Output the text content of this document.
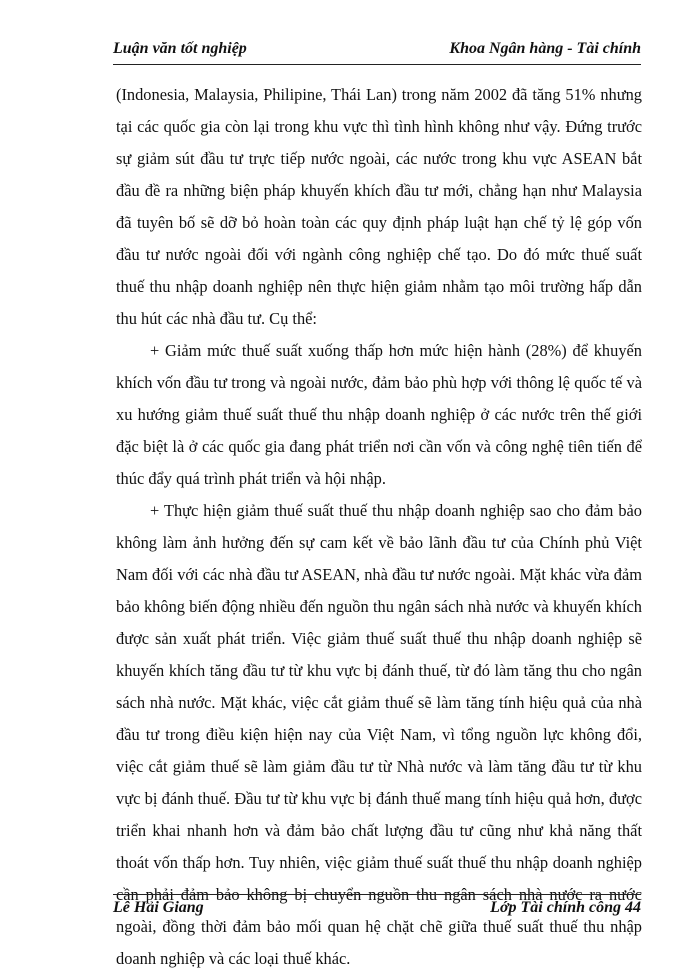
Luận văn tốt nghiệp	Khoa Ngân hàng - Tài chính

(Indonesia, Malaysia, Philipine, Thái Lan) trong năm 2002 đã tăng 51% nhưng tại các quốc gia còn lại trong khu vực thì tình hình không như vậy. Đứng trước sự giảm sút đầu tư trực tiếp nước ngoài, các nước trong khu vực ASEAN bắt đầu đề ra những biện pháp khuyến khích đầu tư mới, chẳng hạn như Malaysia đã tuyên bố sẽ dỡ bỏ hoàn toàn các quy định pháp luật hạn chế tỷ lệ góp vốn đầu tư nước ngoài đối với ngành công nghiệp chế tạo. Do đó mức thuế suất thuế thu nhập doanh nghiệp nên thực hiện giảm nhằm tạo môi trường hấp dẫn thu hút các nhà đầu tư. Cụ thể:

+ Giảm mức thuế suất xuống thấp hơn mức hiện hành (28%) để khuyến khích vốn đầu tư trong và ngoài nước, đảm bảo phù hợp với thông lệ quốc tế và xu hướng giảm thuế suất thuế thu nhập doanh nghiệp ở các nước trên thế giới đặc biệt là ở các quốc gia đang phát triển nơi cần vốn và công nghệ tiên tiến để thúc đẩy quá trình phát triển và hội nhập.

+ Thực hiện giảm thuế suất thuế thu nhập doanh nghiệp sao cho đảm bảo không làm ảnh hưởng đến sự cam kết về bảo lãnh đầu tư của Chính phủ Việt Nam đối với các nhà đầu tư ASEAN, nhà đầu tư nước ngoài. Mặt khác vừa đảm bảo không biến động nhiều đến nguồn thu ngân sách nhà nước và khuyến khích được sản xuất phát triển. Việc giảm thuế suất thuế thu nhập doanh nghiệp sẽ khuyến khích tăng đầu tư từ khu vực bị đánh thuế, từ đó làm tăng thu cho ngân sách nhà nước. Mặt khác, việc cắt giảm thuế sẽ làm tăng tính hiệu quả của nhà đầu tư trong điều kiện hiện nay của Việt Nam, vì tổng nguồn lực không đổi, việc cắt giảm thuế sẽ làm giảm đầu tư từ Nhà nước và làm tăng đầu tư từ khu vực bị đánh thuế. Đầu tư từ khu vực bị đánh thuế mang tính hiệu quả hơn, được triển khai nhanh hơn và đảm bảo chất lượng đầu tư cũng như khả năng thất thoát vốn thấp hơn. Tuy nhiên, việc giảm thuế suất thuế thu nhập doanh nghiệp cần phải đảm bảo không bị chuyển nguồn thu ngân sách nhà nước ra nước ngoài, đồng thời đảm bảo mối quan hệ chặt chẽ giữa thuế suất thuế thu nhập doanh nghiệp và các loại thuế khác.

Lê Hải Giang	Lớp Tài chính công 44
